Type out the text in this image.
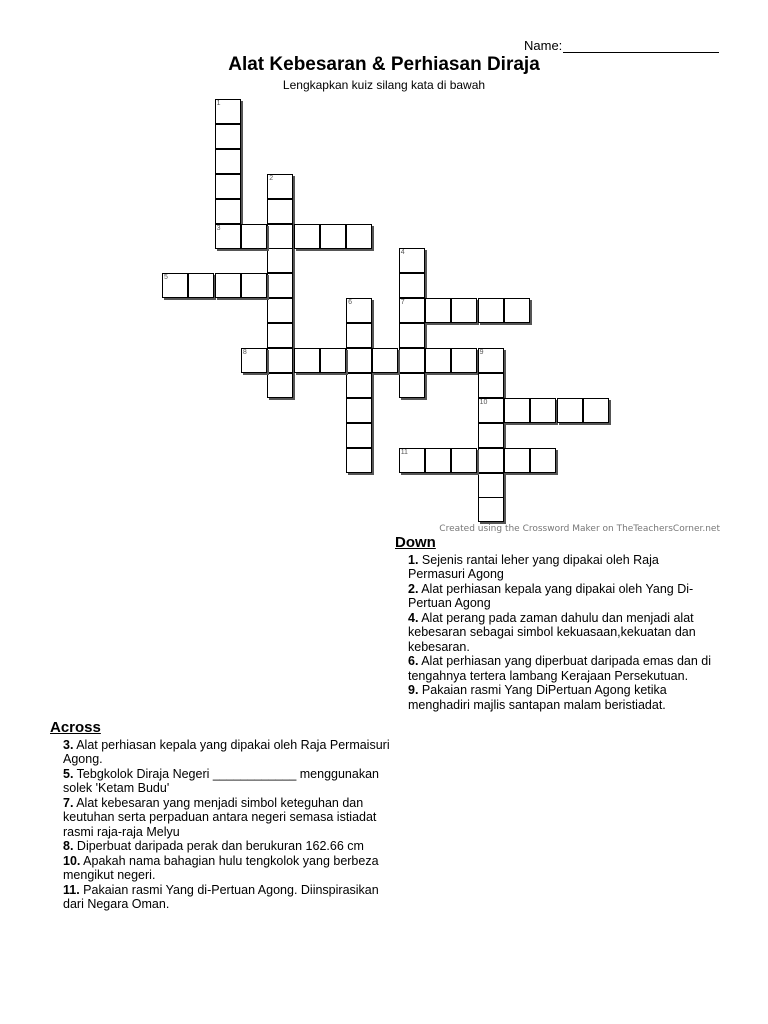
Name:
Alat Kebesaran & Perhiasan Diraja
Lengkapkan kuiz silang kata di bawah
1
3
2
4
7
5
6
8	9
10
11
Created using the Crossword Maker on TheTeachersCorner.net
Down
1. Sejenis rantai leher yang dipakai oleh Raja Permasuri Agong
2. Alat perhiasan kepala yang dipakai oleh Yang Di-Pertuan Agong
4. Alat perang pada zaman dahulu dan menjadi alat kebesaran sebagai simbol kekuasaan,kekuatan dan kebesaran.
6. Alat perhiasan yang diperbuat daripada emas dan di tengahnya tertera lambang Kerajaan Persekutuan.
9. Pakaian rasmi Yang DiPertuan Agong ketika menghadiri majlis santapan malam beristiadat.
Across
3. Alat perhiasan kepala yang dipakai oleh Raja Permaisuri Agong.
5. Tebgkolok Diraja Negeri ____________ menggunakan solek 'Ketam Budu'
7. Alat kebesaran yang menjadi simbol keteguhan dan keutuhan serta perpaduan antara negeri semasa istiadat rasmi raja-raja Melyu
8. Diperbuat daripada perak dan berukuran 162.66 cm
10. Apakah nama bahagian hulu tengkolok yang berbeza mengikut negeri.
11. Pakaian rasmi Yang di-Pertuan Agong. Diinspirasikan dari Negara Oman.
